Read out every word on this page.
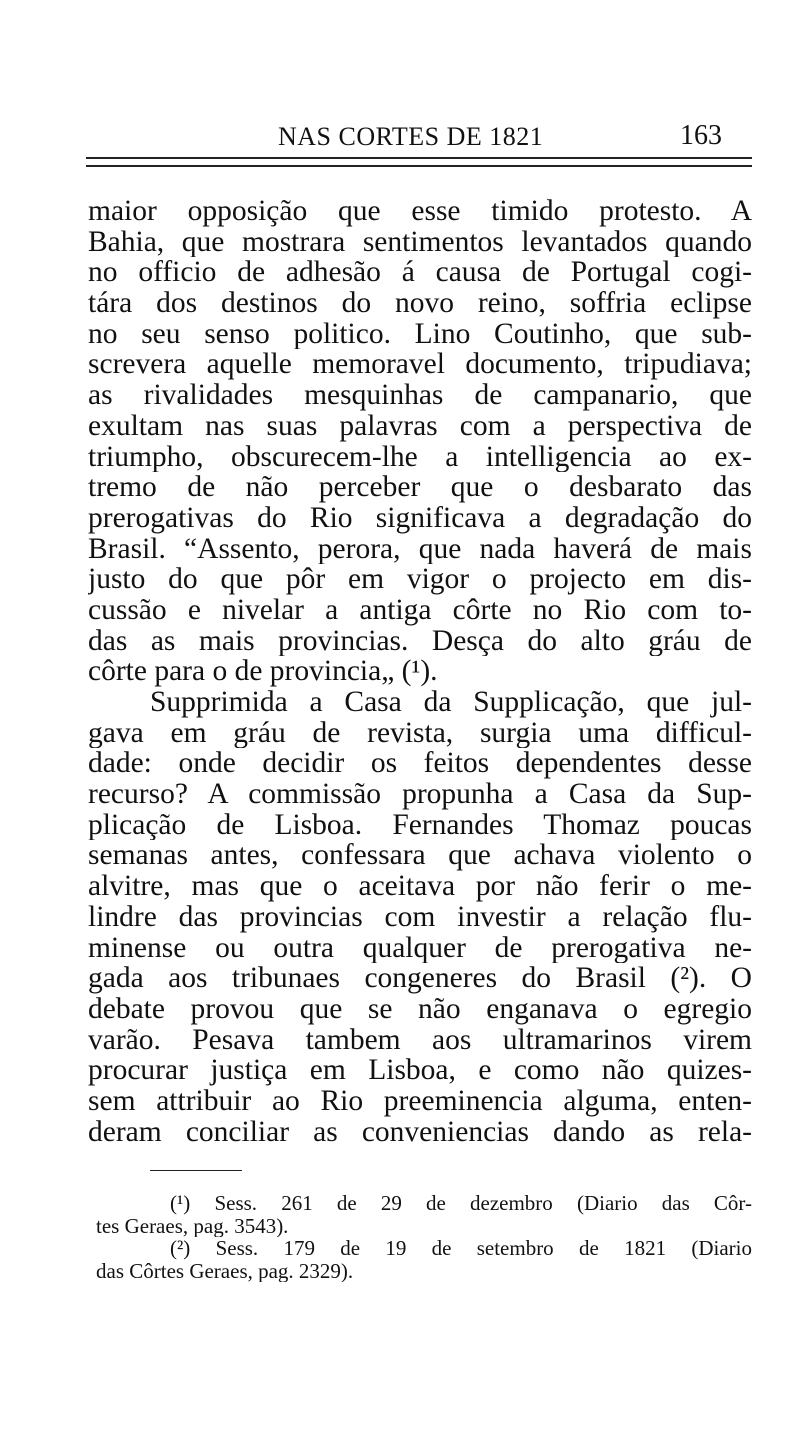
NAS CORTES DE 1821	163
maior opposição que esse timido protesto. A
Bahia, que mostrara sentimentos levantados quando
no officio de adhesão á causa de Portugal cogi-
tára dos destinos do novo reino, soffria eclipse
no seu senso politico. Lino Coutinho, que sub-
screvera aquelle memoravel documento, tripudiava;
as rivalidades mesquinhas de campanario, que
exultam nas suas palavras com a perspectiva de
triumpho, obscurecem-lhe a intelligencia ao ex-
tremo de não perceber que o desbarato das
prerogativas do Rio significava a degradação do
Brasil. “Assento, perora, que nada haverá de mais
justo do que pôr em vigor o projecto em dis-
cussão e nivelar a antiga côrte no Rio com to-
das as mais provincias. Desça do alto gráu de
côrte para o de provincia„ (¹).
Supprimida a Casa da Supplicação, que jul-
gava em gráu de revista, surgia uma difficul-
dade: onde decidir os feitos dependentes desse
recurso? A commissão propunha a Casa da Sup-
plicação de Lisboa. Fernandes Thomaz poucas
semanas antes, confessara que achava violento o
alvitre, mas que o aceitava por não ferir o me-
lindre das provincias com investir a relação flu-
minense ou outra qualquer de prerogativa ne-
gada aos tribunaes congeneres do Brasil (²). O
debate provou que se não enganava o egregio
varão. Pesava tambem aos ultramarinos virem
procurar justiça em Lisboa, e como não quizes-
sem attribuir ao Rio preeminencia alguma, enten-
deram conciliar as conveniencias dando as rela-
(¹) Sess. 261 de 29 de dezembro (Diario das Côr-
tes Geraes, pag. 3543).
(²) Sess. 179 de 19 de setembro de 1821 (Diario
das Côrtes Geraes, pag. 2329).
